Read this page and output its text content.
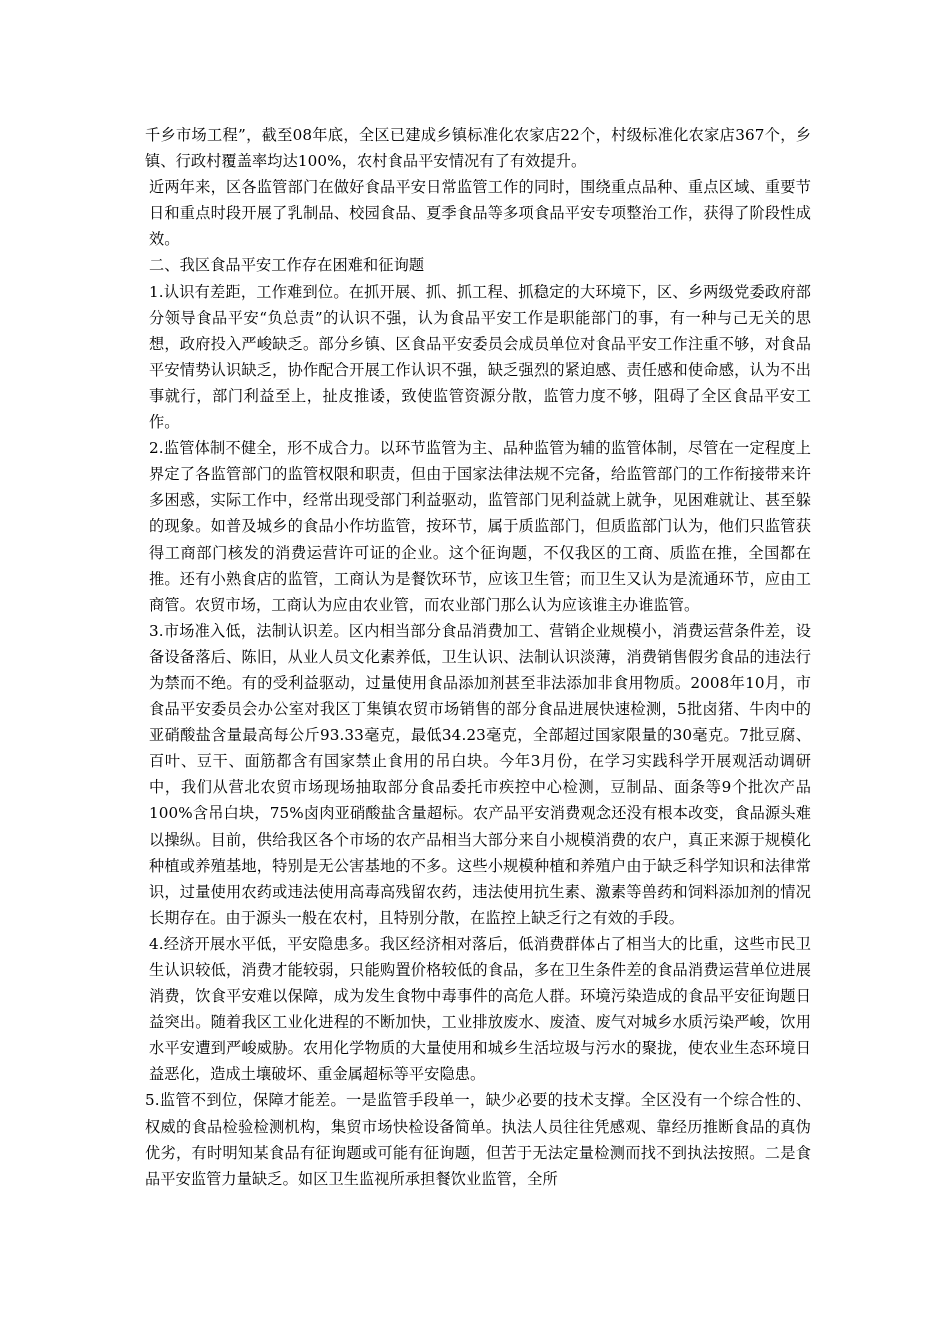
千乡市场工程”，截至08年底，全区已建成乡镇标准化农家店22个，村级标准化农家店367个，乡镇、行政村覆盖率均达100%，农村食品平安情况有了有效提升。

近两年来，区各监管部门在做好食品平安日常监管工作的同时，围绕重点品种、重点区域、重要节日和重点时段开展了乳制品、校园食品、夏季食品等多项食品平安专项整治工作，获得了阶段性成效。

二、我区食品平安工作存在困难和征询题

1.认识有差距，工作难到位。在抓开展、抓、抓工程、抓稳定的大环境下，区、乡两级党委政府部分领导食品平安“负总责”的认识不强，认为食品平安工作是职能部门的事，有一种与己无关的思想，政府投入严峻缺乏。部分乡镇、区食品平安委员会成员单位对食品平安工作注重不够，对食品平安情势认识缺乏，协作配合开展工作认识不强，缺乏强烈的紧迫感、责任感和使命感，认为不出事就行，部门利益至上，扯皮推诿，致使监管资源分散，监管力度不够，阻碍了全区食品平安工作。

2.监管体制不健全，形不成合力。以环节监管为主、品种监管为辅的监管体制，尽管在一定程度上界定了各监管部门的监管权限和职责，但由于国家法律法规不完备，给监管部门的工作衔接带来许多困惑，实际工作中，经常出现受部门利益驱动，监管部门见利益就上就争，见困难就让、甚至躲的现象。如普及城乡的食品小作坊监管，按环节，属于质监部门，但质监部门认为，他们只监管获得工商部门核发的消费运营许可证的企业。这个征询题，不仅我区的工商、质监在推，全国都在推。还有小熟食店的监管，工商认为是餐饮环节，应该卫生管；而卫生又认为是流通环节，应由工商管。农贸市场，工商认为应由农业管，而农业部门那么认为应该谁主办谁监管。

3.市场准入低，法制认识差。区内相当部分食品消费加工、营销企业规模小，消费运营条件差，设备设备落后、陈旧，从业人员文化素养低，卫生认识、法制认识淡薄，消费销售假劣食品的违法行为禁而不绝。有的受利益驱动，过量使用食品添加剂甚至非法添加非食用物质。2008年10月，市食品平安委员会办公室对我区丁集镇农贸市场销售的部分食品进展快速检测，5批卤猪、牛肉中的亚硝酸盐含量最高每公斤93.33毫克，最低34.23毫克，全部超过国家限量的30毫克。7批豆腐、百叶、豆干、面筋都含有国家禁止食用的吊白块。今年3月份，在学习实践科学开展观活动调研中，我们从营北农贸市场现场抽取部分食品委托市疾控中心检测，豆制品、面条等9个批次产品100%含吊白块，75%卤肉亚硝酸盐含量超标。农产品平安消费观念还没有根本改变，食品源头难以操纵。目前，供给我区各个市场的农产品相当大部分来自小规模消费的农户，真正来源于规模化种植或养殖基地，特别是无公害基地的不多。这些小规模种植和养殖户由于缺乏科学知识和法律常识，过量使用农药或违法使用高毒高残留农药，违法使用抗生素、激素等兽药和饲料添加剂的情况长期存在。由于源头一般在农村，且特别分散，在监控上缺乏行之有效的手段。

4.经济开展水平低，平安隐患多。我区经济相对落后，低消费群体占了相当大的比重，这些市民卫生认识较低，消费才能较弱，只能购置价格较低的食品，多在卫生条件差的食品消费运营单位进展消费，饮食平安难以保障，成为发生食物中毒事件的高危人群。环境污染造成的食品平安征询题日益突出。随着我区工业化进程的不断加快，工业排放废水、废渣、废气对城乡水质污染严峻，饮用水平安遭到严峻威胁。农用化学物质的大量使用和城乡生活垃圾与污水的聚拢，使农业生态环境日益恶化，造成土壤破坏、重金属超标等平安隐患。

5.监管不到位，保障才能差。一是监管手段单一，缺少必要的技术支撑。全区没有一个综合性的、权威的食品检验检测机构，集贸市场快检设备简单。执法人员往往凭感观、靠经历推断食品的真伪优劣，有时明知某食品有征询题或可能有征询题，但苦于无法定量检测而找不到执法按照。二是食品平安监管力量缺乏。如区卫生监视所承担餐饮业监管，全所
